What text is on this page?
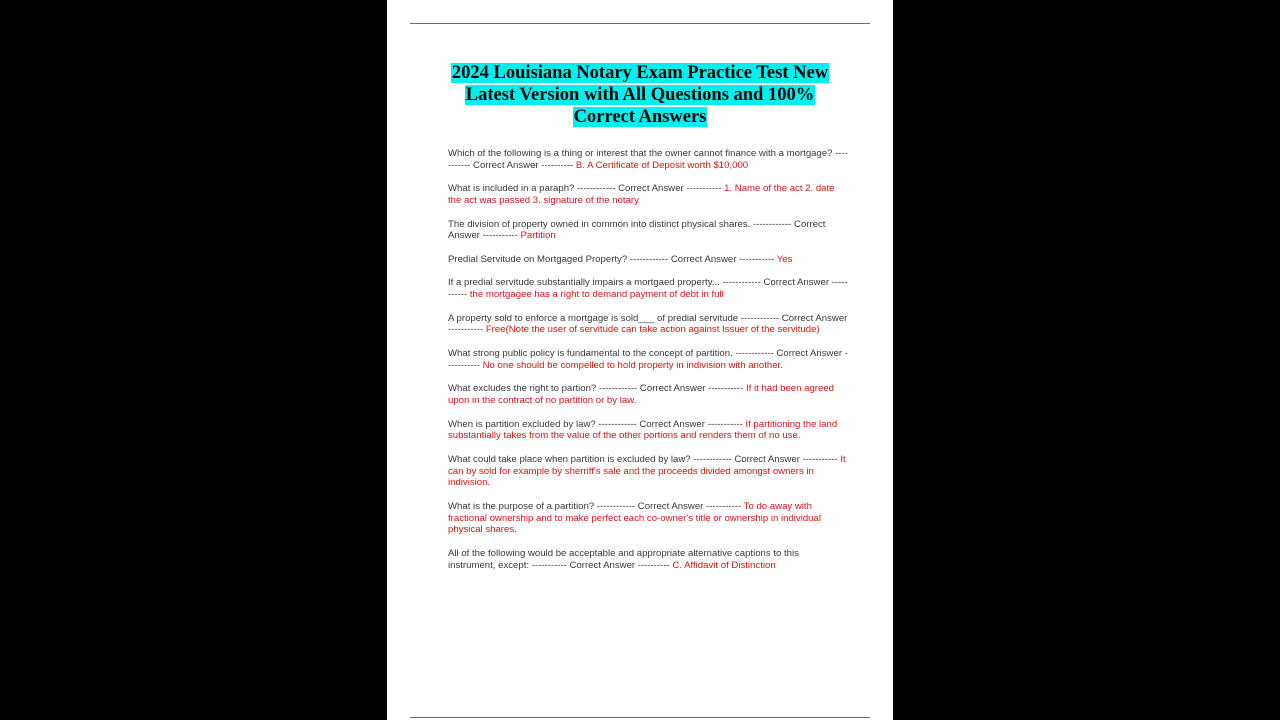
2024 Louisiana Notary Exam Practice Test New
Latest Version with All Questions and 100%
Correct Answers
Which of the following is a thing or interest that the owner cannot finance with a mortgage? ----------- Correct Answer ---------- B. A Certificate of Deposit worth $10,000
What is included in a paraph? ------------ Correct Answer ----------- 1. Name of the act 2. date the act was passed 3. signature of the notary
The division of property owned in common into distinct physical shares. ------------ Correct Answer ----------- Partition
Predial Servitude on Mortgaged Property? ------------ Correct Answer ----------- Yes
If a predial servitude substantially impairs a mortgaed property... ------------ Correct Answer ----------- the mortgagee has a right to demand payment of debt in full
A property sold to enforce a mortgage is sold___ of predial servitude ------------ Correct Answer ----------- Free(Note the user of servitude can take action against Issuer of the servitude)
What strong public policy is fundamental to the concept of partition. ------------ Correct Answer ----------- No one should be compelled to hold property in indivision with another.
What excludes the right to partion? ------------ Correct Answer ----------- If it had been agreed upon in the contract of no partition or by law.
When is partition excluded by law? ------------ Correct Answer ----------- If partitioning the land substantially takes from the value of the other portions and renders them of no use.
What could take place when partition is excluded by law? ------------ Correct Answer ----------- It can by sold for example by sherriff's sale and the proceeds divided amongst owners in indivision.
What is the purpose of a partition? ------------ Correct Answer ----------- To do away with fractional ownership and to make perfect each co-owner's title or ownership in individual physical shares.
All of the following would be acceptable and appropriate alternative captions to this instrument, except: ----------- Correct Answer ---------- C. Affidavit of Distinction
